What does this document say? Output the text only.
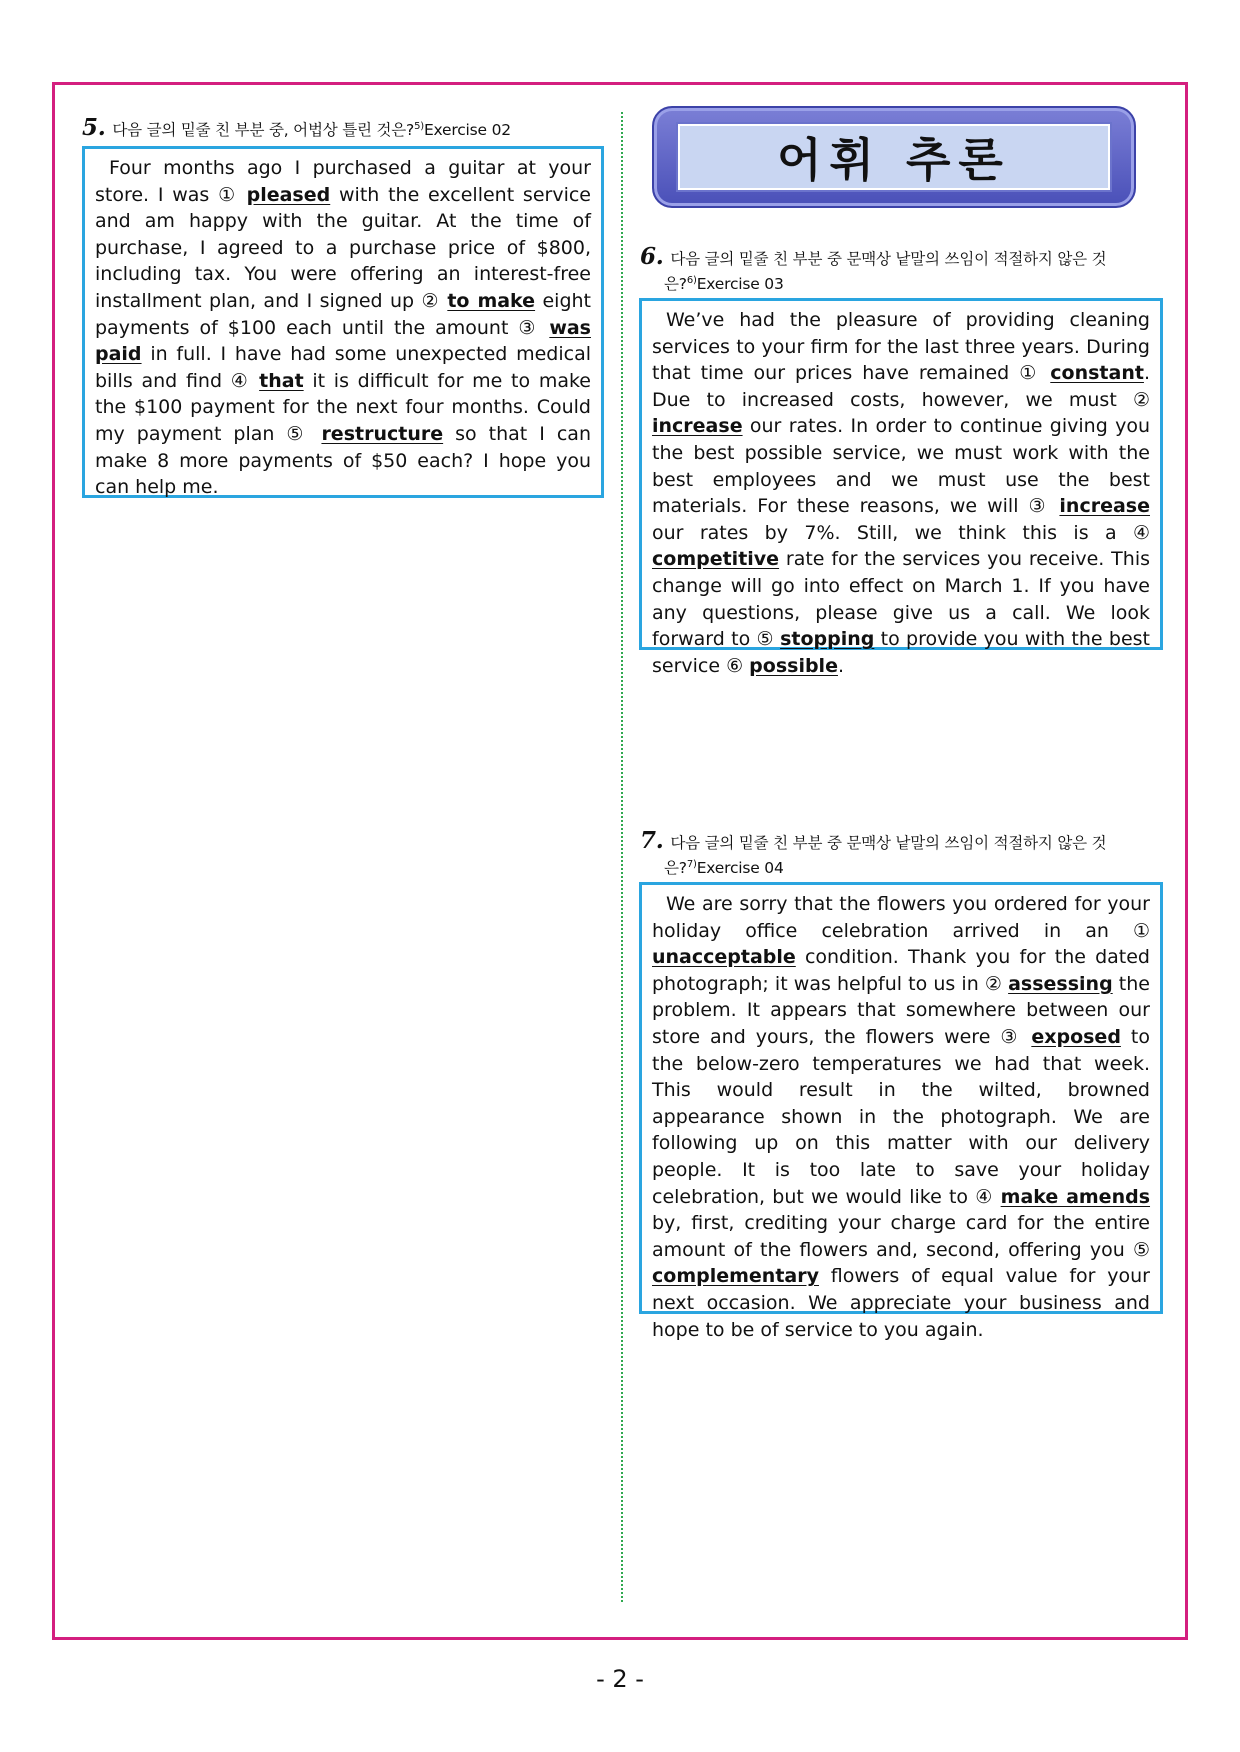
5. 다음 글의 밑줄 친 부분 중, 어법상 틀린 것은?$^{5)}$Exercise 02
Four months ago I purchased a guitar at your store. I was ① pleased with the excellent service and am happy with the guitar. At the time of purchase, I agreed to a purchase price of $800, including tax. You were offering an interest-free installment plan, and I signed up ② to make eight payments of $100 each until the amount ③ was paid in full. I have had some unexpected medical bills and find ④ that it is difficult for me to make the $100 payment for the next four months. Could my payment plan ⑤ restructure so that I can make 8 more payments of $50 each? I hope you can help me.
어휘 추론
6. 다음 글의 밑줄 친 부분 중 문맥상 낱말의 쓰임이 적절하지 않은 것
은?$^{6)}$Exercise 03
We’ve had the pleasure of providing cleaning services to your firm for the last three years. During that time our prices have remained ① constant. Due to increased costs, however, we must ② increase our rates. In order to continue giving you the best possible service, we must work with the best employees and we must use the best materials. For these reasons, we will ③ increase our rates by 7%. Still, we think this is a ④ competitive rate for the services you receive. This change will go into effect on March 1. If you have any questions, please give us a call. We look forward to ⑤ stopping to provide you with the best service ⑥ possible.
7. 다음 글의 밑줄 친 부분 중 문맥상 낱말의 쓰임이 적절하지 않은 것
은?$^{7)}$Exercise 04
We are sorry that the flowers you ordered for your holiday office celebration arrived in an ① unacceptable condition. Thank you for the dated photograph; it was helpful to us in ② assessing the problem. It appears that somewhere between our store and yours, the flowers were ③ exposed to the below-zero temperatures we had that week. This would result in the wilted, browned appearance shown in the photograph. We are following up on this matter with our delivery people. It is too late to save your holiday celebration, but we would like to ④ make amends by, first, crediting your charge card for the entire amount of the flowers and, second, offering you ⑤ complementary flowers of equal value for your next occasion. We appreciate your business and hope to be of service to you again.
- 2 -
